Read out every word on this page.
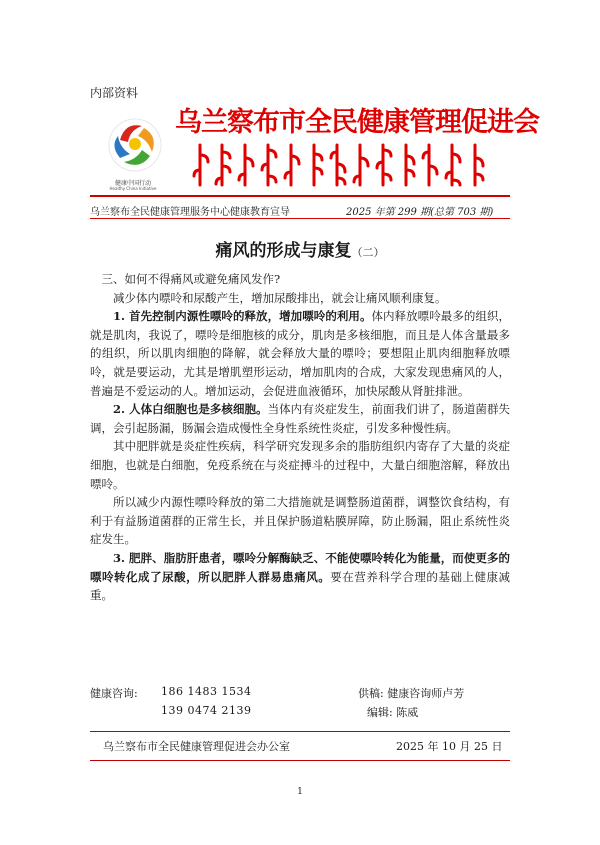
内部资料
健康中国行动
Healthy China Initiative
乌兰察布市全民健康管理促进会
乌兰察布全民健康管理服务中心健康教育宣导	2025 年第 299 期(总第 703 期)
痛风的形成与康复（二）

三、如何不得痛风或避免痛风发作?

减少体内嘌呤和尿酸产生，增加尿酸排出，就会让痛风顺利康复。

1. 首先控制内源性嘌呤的释放，增加嘌呤的利用。体内释放嘌呤最多的组织，就是肌肉，我说了，嘌呤是细胞核的成分，肌肉是多核细胞，而且是人体含量最多的组织，所以肌肉细胞的降解，就会释放大量的嘌呤；要想阻止肌肉细胞释放嘌呤，就是要运动，尤其是增肌塑形运动，增加肌肉的合成，大家发现患痛风的人，普遍是不爱运动的人。增加运动，会促进血液循环，加快尿酸从肾脏排泄。

2. 人体白细胞也是多核细胞。当体内有炎症发生，前面我们讲了，肠道菌群失调，会引起肠漏，肠漏会造成慢性全身性系统性炎症，引发多种慢性病。

其中肥胖就是炎症性疾病，科学研究发现多余的脂肪组织内寄存了大量的炎症细胞，也就是白细胞，免疫系统在与炎症搏斗的过程中，大量白细胞溶解，释放出嘌呤。

所以减少内源性嘌呤释放的第二大措施就是调整肠道菌群，调整饮食结构，有利于有益肠道菌群的正常生长，并且保护肠道粘膜屏障，防止肠漏，阻止系统性炎症发生。

3. 肥胖、脂肪肝患者，嘌呤分解酶缺乏、不能使嘌呤转化为能量，而使更多的嘌呤转化成了尿酸，所以肥胖人群易患痛风。要在营养科学合理的基础上健康减重。

健康咨询: 186 1483 1534
139 0474 2139
供稿: 健康咨询师卢芳
编辑: 陈威
乌兰察布市全民健康管理促进会办公室	2025 年 10 月 25 日
1
